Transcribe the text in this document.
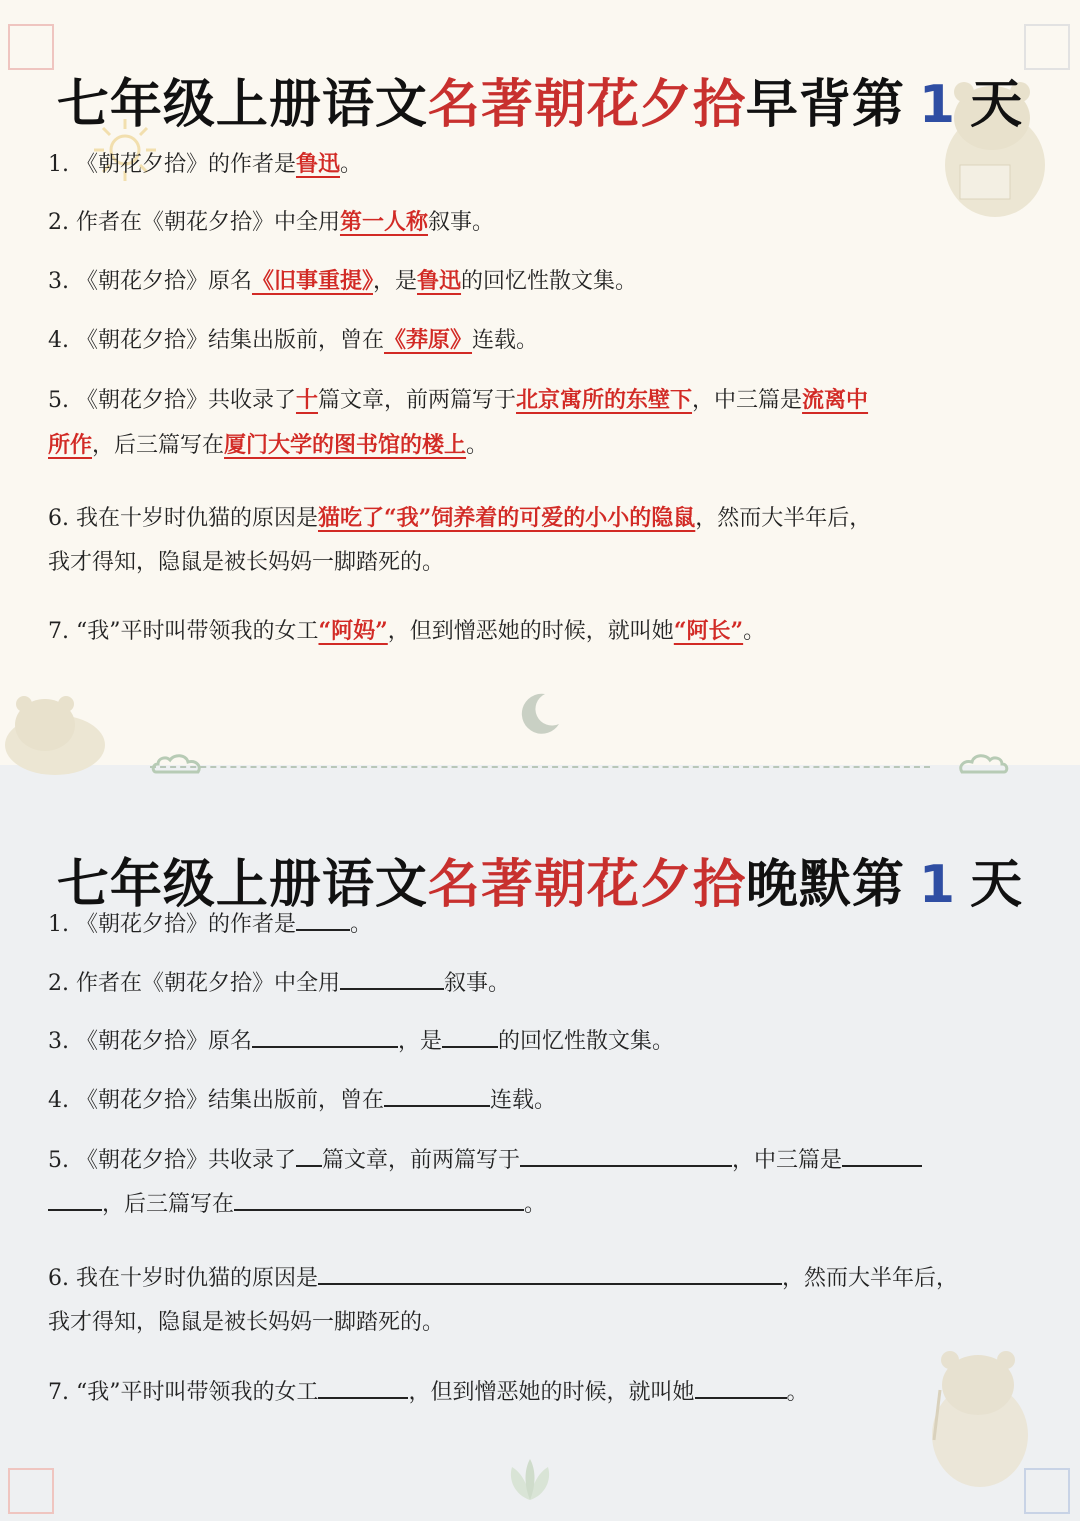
七年级上册语文名著朝花夕拾早背第 1 天
1. 《朝花夕拾》的作者是鲁迅。
2. 作者在《朝花夕拾》中全用第一人称叙事。
3. 《朝花夕拾》原名《旧事重提》，是鲁迅的回忆性散文集。
4. 《朝花夕拾》结集出版前，曾在《莽原》连载。
5. 《朝花夕拾》共收录了十篇文章，前两篇写于北京寓所的东壁下，中三篇是流离中
所作，后三篇写在厦门大学的图书馆的楼上。
6. 我在十岁时仇猫的原因是猫吃了“我”饲养着的可爱的小小的隐鼠，然而大半年后，
我才得知，隐鼠是被长妈妈一脚踏死的。
7. “我”平时叫带领我的女工“阿妈”，但到憎恶她的时候，就叫她“阿长”。
七年级上册语文名著朝花夕拾晚默第 1 天
1. 《朝花夕拾》的作者是 。
2. 作者在《朝花夕拾》中全用	叙事。
3. 《朝花夕拾》原名	，是	的回忆性散文集。
4. 《朝花夕拾》结集出版前，曾在	连载。
5. 《朝花夕拾》共收录了 篇文章，前两篇写于	，中三篇是
，后三篇写在	。
6. 我在十岁时仇猫的原因是	，然而大半年后，
我才得知，隐鼠是被长妈妈一脚踏死的。
7. “我”平时叫带领我的女工	，但到憎恶她的时候，就叫她	。
